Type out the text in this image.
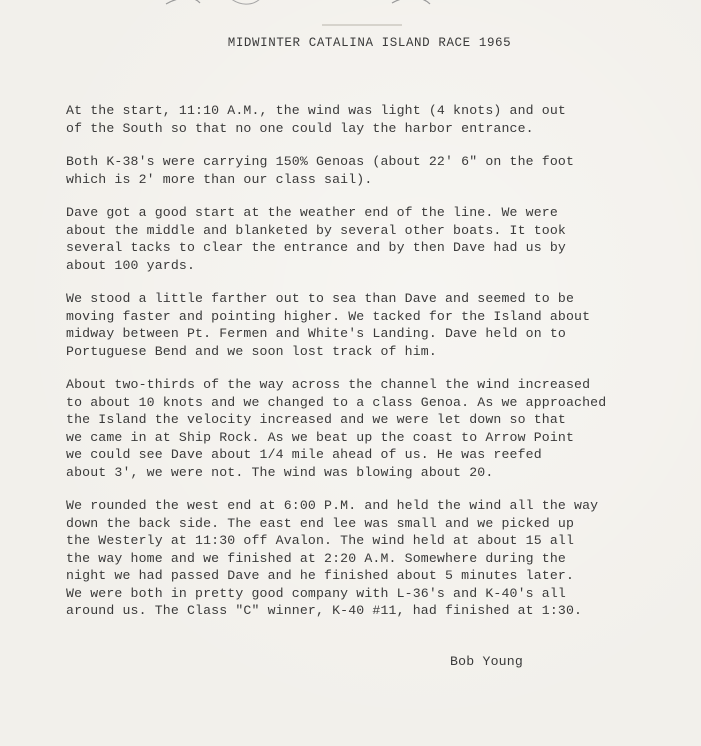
MIDWINTER CATALINA ISLAND RACE 1965

At the start, 11:10 A.M., the wind was light (4 knots) and out
of the South so that no one could lay the harbor entrance.

Both K-38's were carrying 150% Genoas (about 22' 6" on the foot
which is 2' more than our class sail).

Dave got a good start at the weather end of the line. We were
about the middle and blanketed by several other boats. It took
several tacks to clear the entrance and by then Dave had us by
about 100 yards.

We stood a little farther out to sea than Dave and seemed to be
moving faster and pointing higher. We tacked for the Island about
midway between Pt. Fermen and White's Landing. Dave held on to
Portuguese Bend and we soon lost track of him.

About two-thirds of the way across the channel the wind increased
to about 10 knots and we changed to a class Genoa. As we approached
the Island the velocity increased and we were let down so that
we came in at Ship Rock. As we beat up the coast to Arrow Point
we could see Dave about 1/4 mile ahead of us. He was reefed
about 3', we were not. The wind was blowing about 20.

We rounded the west end at 6:00 P.M. and held the wind all the way
down the back side. The east end lee was small and we picked up
the Westerly at 11:30 off Avalon. The wind held at about 15 all
the way home and we finished at 2:20 A.M. Somewhere during the
night we had passed Dave and he finished about 5 minutes later.
We were both in pretty good company with L-36's and K-40's all
around us. The Class "C" winner, K-40 #11, had finished at 1:30.

Bob Young
